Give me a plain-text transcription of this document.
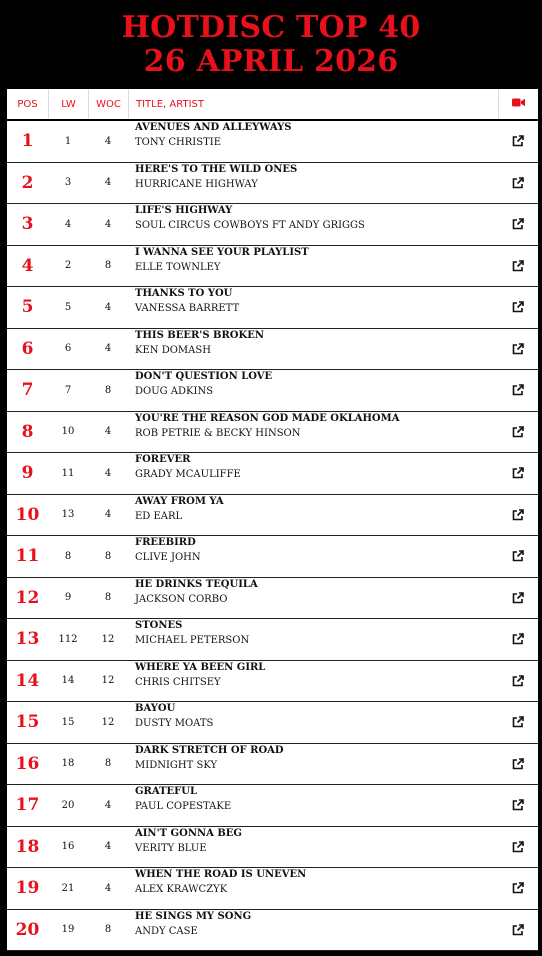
HOTDISC TOP 40
26 APRIL 2026
POS	LW	WOC	TITLE, ARTIST
1	1	4
AVENUES AND ALLEYWAYS
TONY CHRISTIE
2	3	4
HERE'S TO THE WILD ONES
HURRICANE HIGHWAY
3	4	4
LIFE'S HIGHWAY
SOUL CIRCUS COWBOYS FT ANDY GRIGGS
4	2	8
I WANNA SEE YOUR PLAYLIST
ELLE TOWNLEY
5	5	4
THANKS TO YOU
VANESSA BARRETT
6	6	4
THIS BEER'S BROKEN
KEN DOMASH
7	7	8
DON'T QUESTION LOVE
DOUG ADKINS
8	10	4
YOU'RE THE REASON GOD MADE OKLAHOMA
ROB PETRIE & BECKY HINSON
9	11	4
FOREVER
GRADY MCAULIFFE
10	13	4
AWAY FROM YA
ED EARL
11	8	8
FREEBIRD
CLIVE JOHN
12	9	8
HE DRINKS TEQUILA
JACKSON CORBO
13	112	12
STONES
MICHAEL PETERSON
14	14	12
WHERE YA BEEN GIRL
CHRIS CHITSEY
15	15	12
BAYOU
DUSTY MOATS
16	18	8
DARK STRETCH OF ROAD
MIDNIGHT SKY
17	20	4
GRATEFUL
PAUL COPESTAKE
18	16	4
AIN'T GONNA BEG
VERITY BLUE
19	21	4
WHEN THE ROAD IS UNEVEN
ALEX KRAWCZYK
20	19	8
HE SINGS MY SONG
ANDY CASE
